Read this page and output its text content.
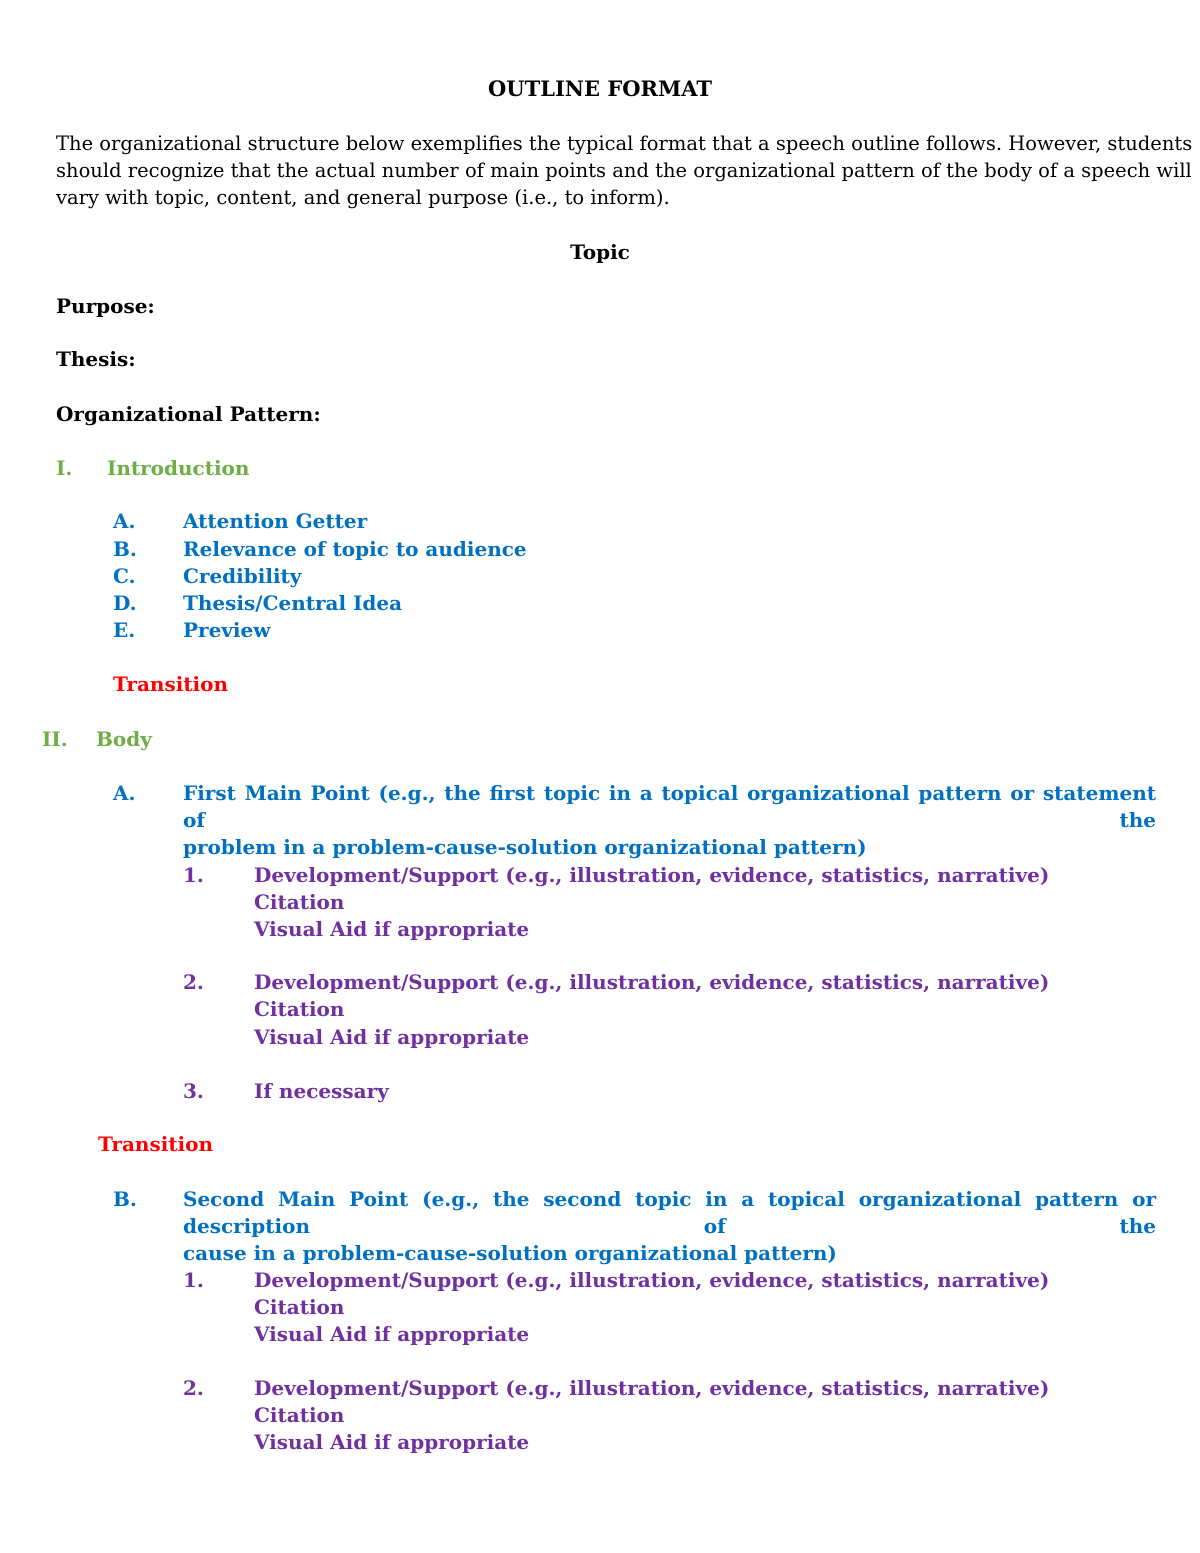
OUTLINE FORMAT
The organizational structure below exemplifies the typical format that a speech outline follows. However, students
should recognize that the actual number of main points and the organizational pattern of the body of a speech will
vary with topic, content, and general purpose (i.e., to inform).
Topic
Purpose:
Thesis:
Organizational Pattern:
I. Introduction
A. Attention Getter
B. Relevance of topic to audience
C. Credibility
D. Thesis/Central Idea
E. Preview
Transition
II. Body
A. First Main Point (e.g., the first topic in a topical organizational pattern or statement of the
problem in a problem-cause-solution organizational pattern)
1.	Development/Support (e.g., illustration, evidence, statistics, narrative)
Citation
Visual Aid if appropriate
2.	Development/Support (e.g., illustration, evidence, statistics, narrative)
Citation
Visual Aid if appropriate
3.	If necessary
Transition
B. Second Main Point (e.g., the second topic in a topical organizational pattern or description of the
cause in a problem-cause-solution organizational pattern)
1.	Development/Support (e.g., illustration, evidence, statistics, narrative)
Citation
Visual Aid if appropriate
2.	Development/Support (e.g., illustration, evidence, statistics, narrative)
Citation
Visual Aid if appropriate
